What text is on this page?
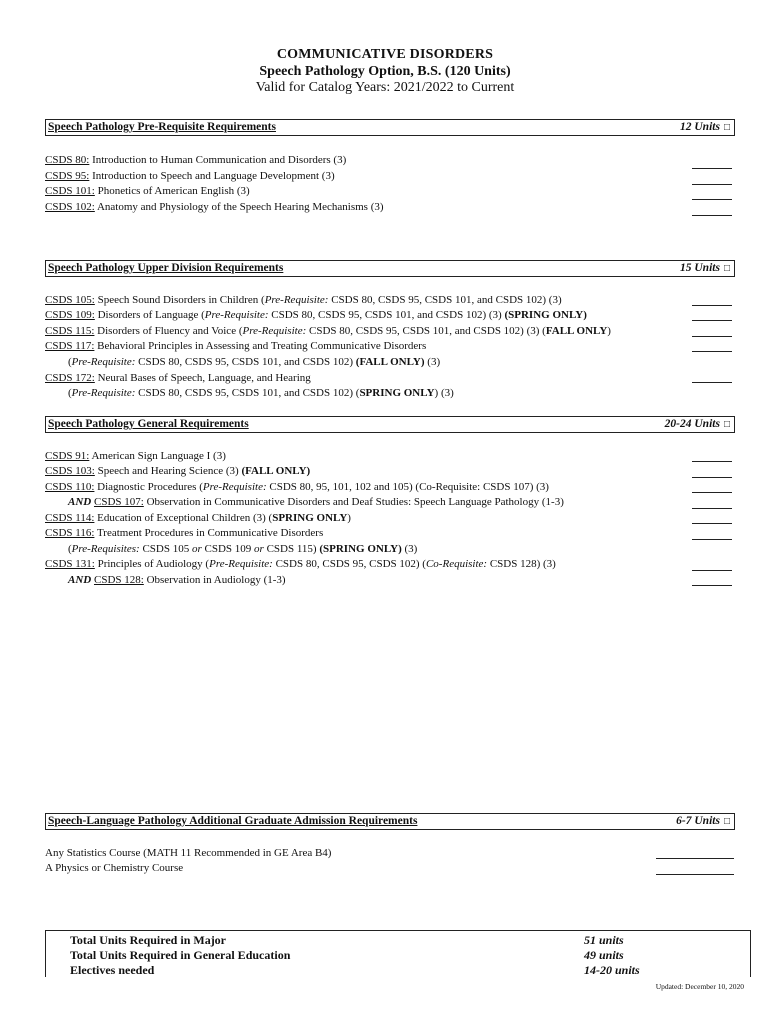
COMMUNICATIVE DISORDERS
Speech Pathology Option, B.S. (120 Units)
Valid for Catalog Years: 2021/2022 to Current
Speech Pathology Pre-Requisite Requirements	12 Units □
CSDS 80: Introduction to Human Communication and Disorders (3)
CSDS 95: Introduction to Speech and Language Development (3)
CSDS 101: Phonetics of American English (3)
CSDS 102: Anatomy and Physiology of the Speech Hearing Mechanisms (3)
Speech Pathology Upper Division Requirements	15 Units □
CSDS 105: Speech Sound Disorders in Children (Pre-Requisite: CSDS 80, CSDS 95, CSDS 101, and CSDS 102) (3)
CSDS 109: Disorders of Language (Pre-Requisite: CSDS 80, CSDS 95, CSDS 101, and CSDS 102) (3) (SPRING ONLY)
CSDS 115: Disorders of Fluency and Voice (Pre-Requisite: CSDS 80, CSDS 95, CSDS 101, and CSDS 102) (3) (FALL ONLY)
CSDS 117: Behavioral Principles in Assessing and Treating Communicative Disorders
(Pre-Requisite: CSDS 80, CSDS 95, CSDS 101, and CSDS 102) (FALL ONLY) (3)
CSDS 172: Neural Bases of Speech, Language, and Hearing
(Pre-Requisite: CSDS 80, CSDS 95, CSDS 101, and CSDS 102) (SPRING ONLY) (3)
Speech Pathology General Requirements	20-24 Units □
CSDS 91: American Sign Language I (3)
CSDS 103: Speech and Hearing Science (3) (FALL ONLY)
CSDS 110: Diagnostic Procedures (Pre-Requisite: CSDS 80, 95, 101, 102 and 105) (Co-Requisite: CSDS 107) (3)
AND CSDS 107: Observation in Communicative Disorders and Deaf Studies: Speech Language Pathology (1-3)
CSDS 114: Education of Exceptional Children (3) (SPRING ONLY)
CSDS 116: Treatment Procedures in Communicative Disorders
(Pre-Requisites: CSDS 105 or CSDS 109 or CSDS 115) (SPRING ONLY) (3)
CSDS 131: Principles of Audiology (Pre-Requisite: CSDS 80, CSDS 95, CSDS 102) (Co-Requisite: CSDS 128) (3)
AND CSDS 128: Observation in Audiology (1-3)
Speech-Language Pathology Additional Graduate Admission Requirements	6-7 Units □
Any Statistics Course (MATH 11 Recommended in GE Area B4)
A Physics or Chemistry Course
Total Units Required in Major	51 units
Total Units Required in General Education	49 units
Electives needed	14-20 units
Updated: December 10, 2020
